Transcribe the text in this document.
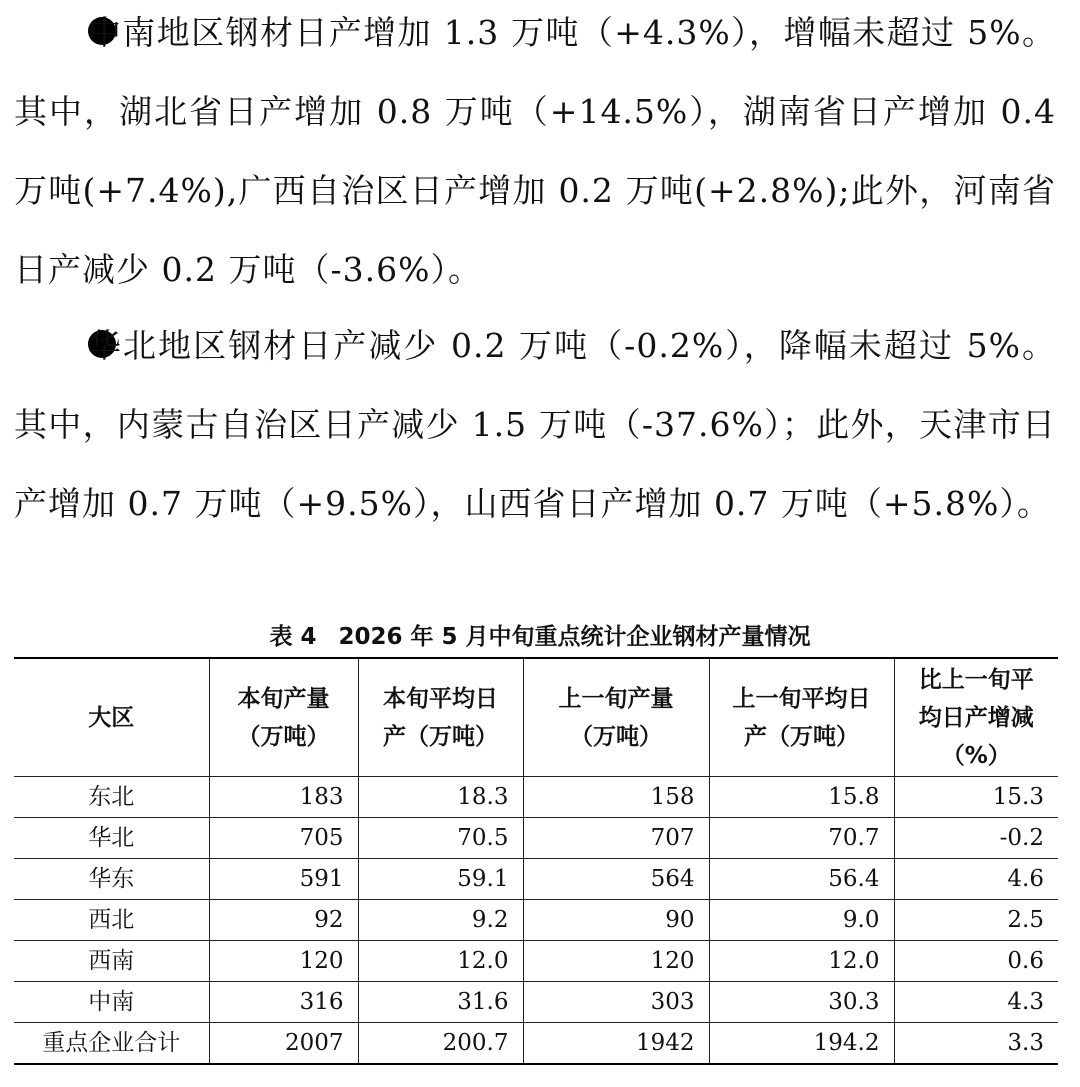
中南地区钢材日产增加 1.3 万吨（+4.3%），增幅未超过 5%。其中，湖北省日产增加 0.8 万吨（+14.5%），湖南省日产增加 0.4 万吨(+7.4%),广西自治区日产增加 0.2 万吨(+2.8%);此外，河南省日产减少 0.2 万吨（-3.6%）。

华北地区钢材日产减少 0.2 万吨（-0.2%），降幅未超过 5%。其中，内蒙古自治区日产减少 1.5 万吨（-37.6%）；此外，天津市日产增加 0.7 万吨（+9.5%），山西省日产增加 0.7 万吨（+5.8%）。

表 4 2026 年 5 月中旬重点统计企业钢材产量情况

大区	本旬产量（万吨）	本旬平均日产（万吨）	上一旬产量（万吨）	上一旬平均日产（万吨）	比上一旬平均日产增减（%）
东北	183	18.3	158	15.8	15.3
华北	705	70.5	707	70.7	-0.2
华东	591	59.1	564	56.4	4.6
西北	92	9.2	90	9.0	2.5
西南	120	12.0	120	12.0	0.6
中南	316	31.6	303	30.3	4.3
重点企业合计	2007	200.7	1942	194.2	3.3
